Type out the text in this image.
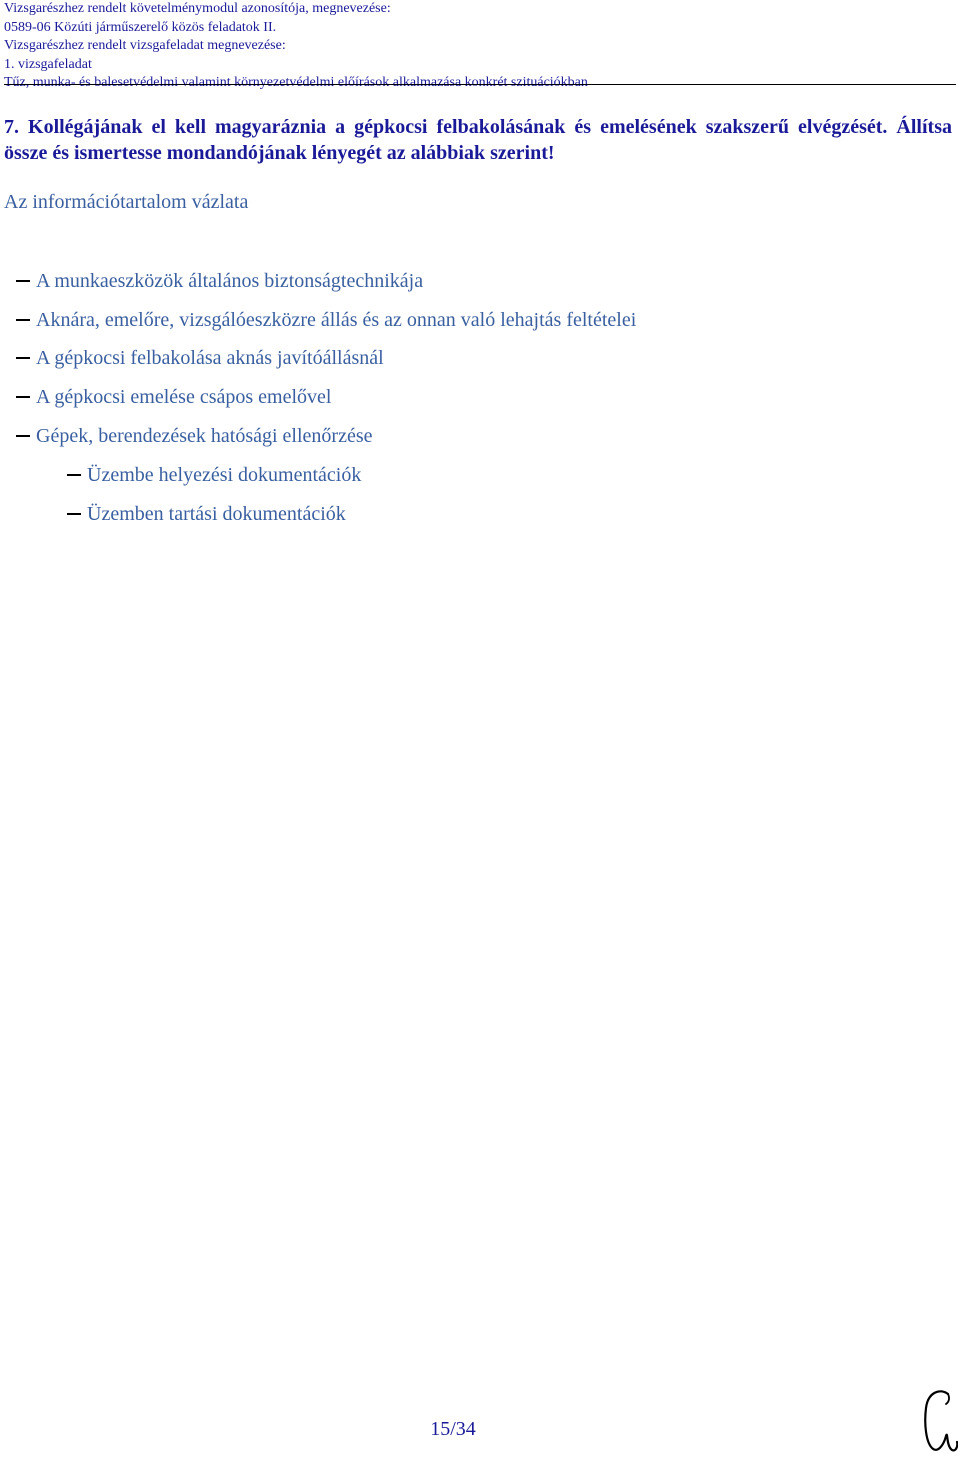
Vizsgarészhez rendelt követelménymodul azonosítója, megnevezése:
0589-06 Közúti járműszerelő közös feladatok II.
Vizsgarészhez rendelt vizsgafeladat megnevezése:
1. vizsgafeladat
Tűz, munka- és balesetvédelmi valamint környezetvédelmi előírások alkalmazása konkrét szituációkban
7. Kollégájának el kell magyaráznia a gépkocsi felbakolásának és emelésének szakszerű elvégzését. Állítsa össze és ismertesse mondandójának lényegét az alábbiak szerint!
Az információtartalom vázlata
A munkaeszközök általános biztonságtechnikája
Aknára, emelőre, vizsgálóeszközre állás és az onnan való lehajtás feltételei
A gépkocsi felbakolása aknás javítóállásnál
A gépkocsi emelése csápos emelővel
Gépek, berendezések hatósági ellenőrzése
Üzembe helyezési dokumentációk
Üzemben tartási dokumentációk
15/34
